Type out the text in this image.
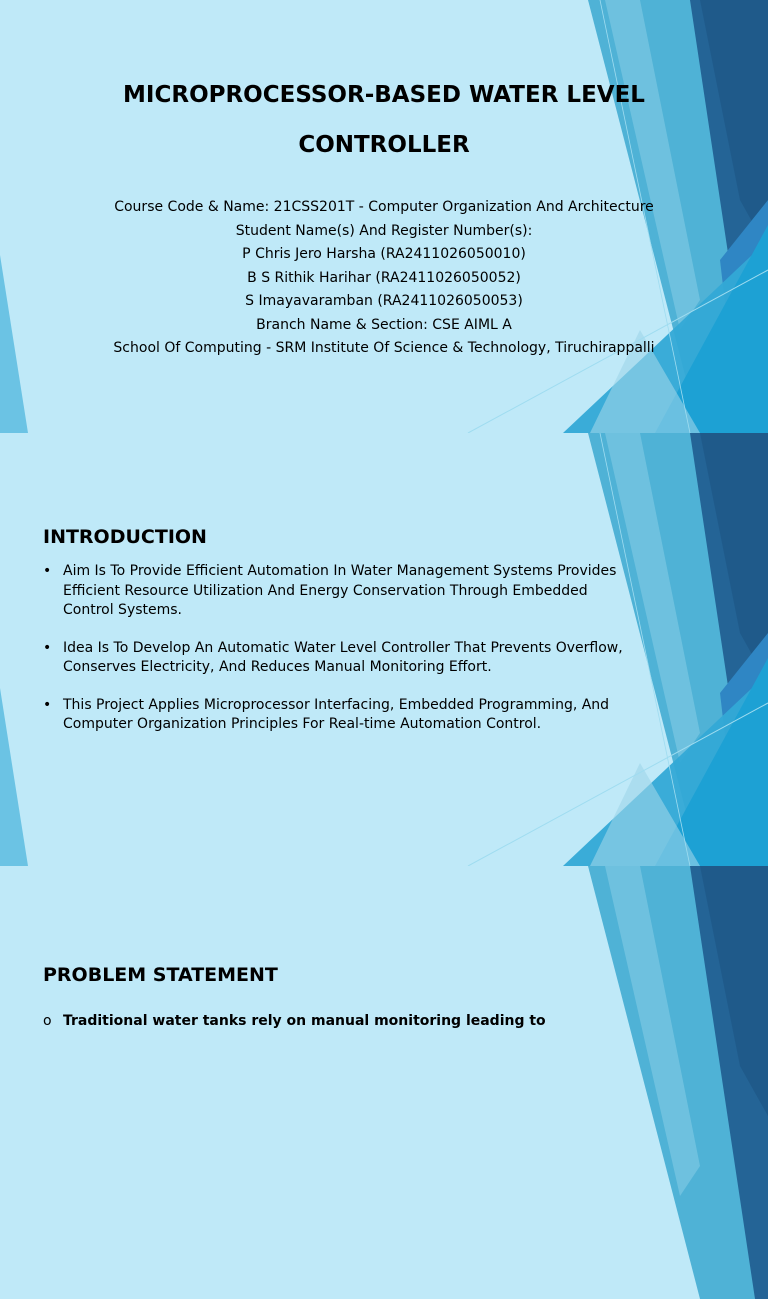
MICROPROCESSOR-BASED WATER LEVEL

CONTROLLER

Course Code & Name: 21CSS201T - Computer Organization And Architecture
Student Name(s) And Register Number(s):
P Chris Jero Harsha (RA2411026050010)
B S Rithik Harihar (RA2411026050052)
S Imayavaramban (RA2411026050053)
Branch Name & Section: CSE AIML A
School Of Computing - SRM Institute Of Science & Technology, Tiruchirappalli
INTRODUCTION
• Aim Is To Provide Efficient Automation In Water Management Systems Provides Efficient Resource Utilization And Energy Conservation Through Embedded Control Systems.
• Idea Is To Develop An Automatic Water Level Controller That Prevents Overflow, Conserves Electricity, And Reduces Manual Monitoring Effort.
• This Project Applies Microprocessor Interfacing, Embedded Programming, And Computer Organization Principles For Real-time Automation Control.
PROBLEM STATEMENT
o Traditional water tanks rely on manual monitoring leading to
